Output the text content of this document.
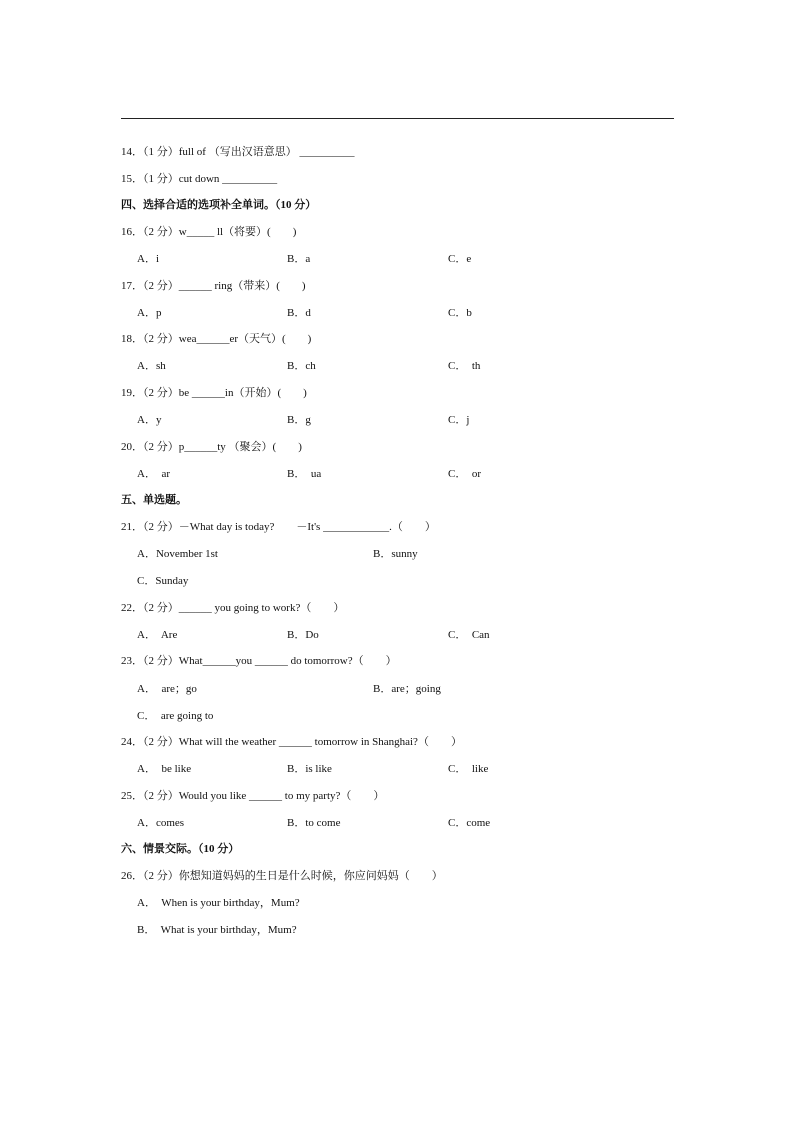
14．（1 分）full of （写出汉语意思） __________
15．（1 分）cut down __________
四、选择合适的选项补全单词。（10 分）
16．（2 分）w_____ ll（将要）(        )
A．i	B．a	C．e
17．（2 分）______ ring（带来）(        )
A．p	B．d	C．b
18．（2 分）wea______er（天气）(        )
A．sh	B．ch	C．  th
19．（2 分）be ______in（开始）(        )
A．y	B．g	C．j
20．（2 分）p______ty （聚会）(        )
A．  ar	B．  ua	C．  or
五、单选题。
21．（2 分）－What day is today?        －It's ____________.（        ）
A．November 1st	B．sunny
C．Sunday
22．（2 分）______ you going to work?（        ）
A．  Are	B．Do	C．  Can
23．（2 分）What______you ______ do tomorrow?（        ）
A．  are；go	B．are；going
C．  are going to
24．（2 分）What will the weather ______ tomorrow in Shanghai?（        ）
A．  be like	B．is like	C．  like
25．（2 分）Would you like ______ to my party?（        ）
A．comes	B．to come	C．come
六、情景交际。（10 分）
26．（2 分）你想知道妈妈的生日是什么时候，你应问妈妈（        ）
A．  When is your birthday，Mum?
B．  What is your birthday，Mum?
